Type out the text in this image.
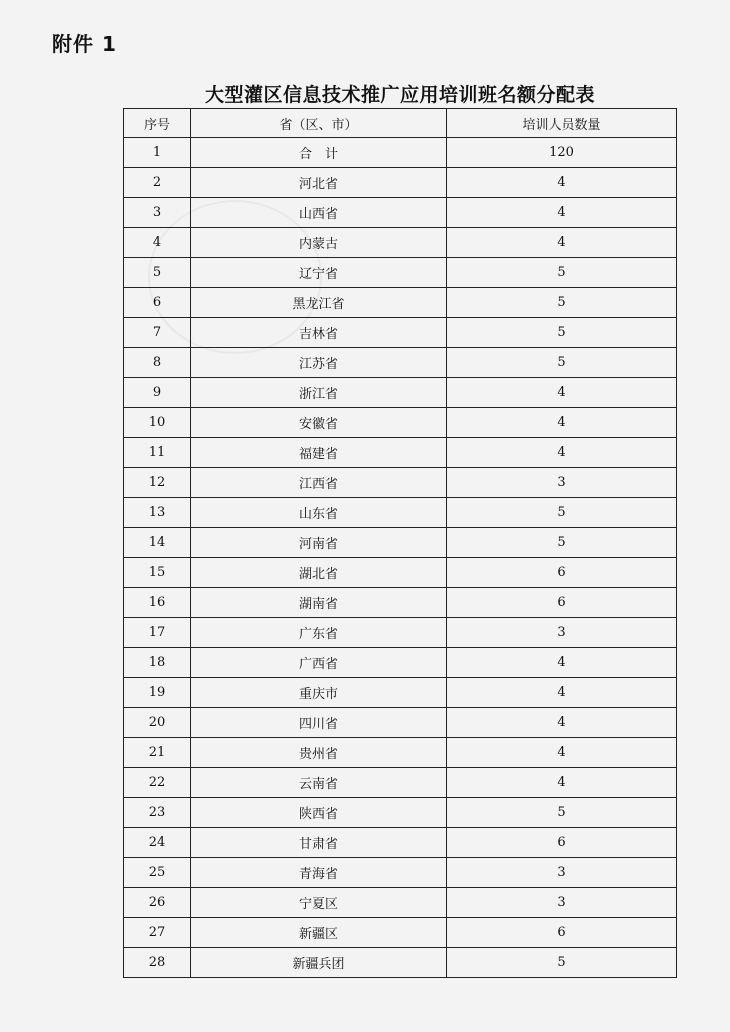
附件 1
大型灌区信息技术推广应用培训班名额分配表
序号	省（区、市）	培训人员数量
1	合　计	120
2	河北省	4
3	山西省	4
4	内蒙古	4
5	辽宁省	5
6	黑龙江省	5
7	吉林省	5
8	江苏省	5
9	浙江省	4
10	安徽省	4
11	福建省	4
12	江西省	3
13	山东省	5
14	河南省	5
15	湖北省	6
16	湖南省	6
17	广东省	3
18	广西省	4
19	重庆市	4
20	四川省	4
21	贵州省	4
22	云南省	4
23	陕西省	5
24	甘肃省	6
25	青海省	3
26	宁夏区	3
27	新疆区	6
28	新疆兵团	5
